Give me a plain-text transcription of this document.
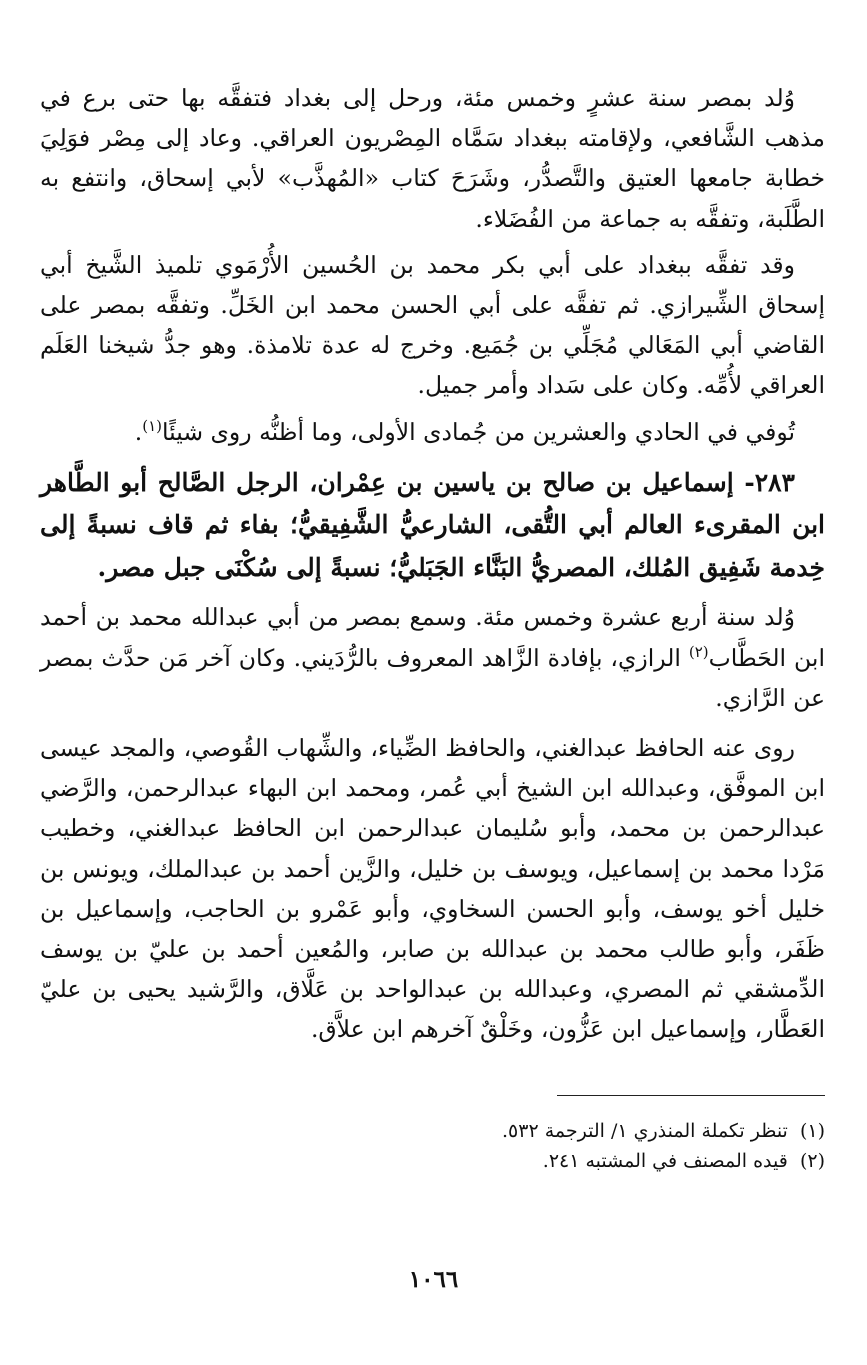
وُلد بمصر سنة عشرٍ وخمس مئة، ورحل إلى بغداد فتفقَّه بها حتى برع في مذهب الشَّافعي، ولإقامته ببغداد سَمَّاه المِصْريون العراقي. وعاد إلى مِصْر فوَلِيَ خطابة جامعها العتيق والتَّصدُّر، وشَرَحَ كتاب «المُهذَّب» لأبي إسحاق، وانتفع به الطَّلَبة، وتفقَّه به جماعة من الفُضَلاء.

وقد تفقَّه ببغداد على أبي بكر محمد بن الحُسين الأُرْمَوي تلميذ الشَّيخ أبي إسحاق الشِّيرازي. ثم تفقَّه على أبي الحسن محمد ابن الخَلِّ. وتفقَّه بمصر على القاضي أبي المَعَالي مُجَلِّي بن جُمَيع. وخرج له عدة تلامذة. وهو جدُّ شيخنا العَلَم العراقي لأُمِّه. وكان على سَداد وأمر جميل.

تُوفي في الحادي والعشرين من جُمادى الأولى، وما أظنُّه روى شيئًا$^{(١)}$.

٢٨٣- إسماعيل بن صالح بن ياسين بن عِمْران، الرجل الصَّالح أبو الطَّاهر ابن المقرىء العالم أبي التُّقى، الشارعيُّ الشَّفِيقيُّ؛ بفاء ثم قاف نسبةً إلى خِدمة شَفِيق المُلك، المصريُّ البَنَّاء الجَبَليُّ؛ نسبةً إلى سُكْنَى جبل مصر.

وُلد سنة أربع عشرة وخمس مئة. وسمع بمصر من أبي عبدالله محمد بن أحمد ابن الحَطَّاب$^{(٢)}$ الرازي، بإفادة الزَّاهد المعروف بالرُّدَيني. وكان آخر مَن حدَّث بمصر عن الرَّازي.

روى عنه الحافظ عبدالغني، والحافظ الضِّياء، والشِّهاب القُوصي، والمجد عيسى ابن الموفَّق، وعبدالله ابن الشيخ أبي عُمر، ومحمد ابن البهاء عبدالرحمن، والرَّضي عبدالرحمن بن محمد، وأبو سُليمان عبدالرحمن ابن الحافظ عبدالغني، وخطيب مَرْدا محمد بن إسماعيل، ويوسف بن خليل، والزَّين أحمد بن عبدالملك، ويونس بن خليل أخو يوسف، وأبو الحسن السخاوي، وأبو عَمْرو بن الحاجب، وإسماعيل بن ظَفَر، وأبو طالب محمد بن عبدالله بن صابر، والمُعين أحمد بن عليّ بن يوسف الدِّمشقي ثم المصري، وعبدالله بن عبدالواحد بن عَلَّاق، والرَّشيد يحيى بن عليّ العَطَّار، وإسماعيل ابن عَزُّون، وخَلْقٌ آخرهم ابن علاَّق.

(١)  تنظر تكملة المنذري ١/ الترجمة ٥٣٢.

(٢)  قيده المصنف في المشتبه ٢٤١.

١٠٦٦
